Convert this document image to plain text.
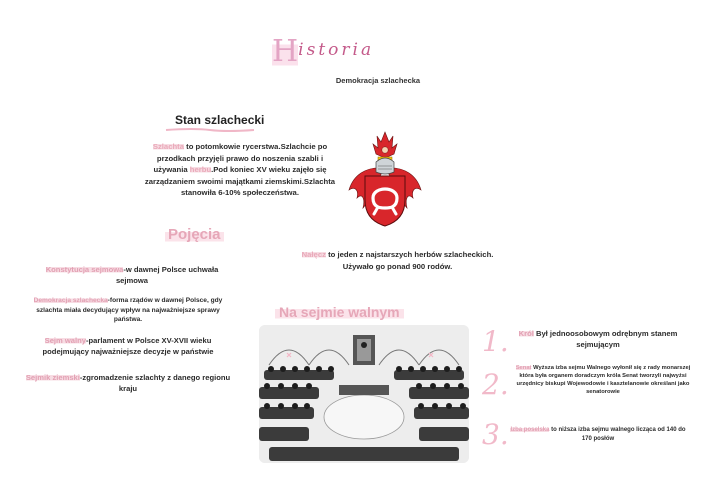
Historia
Demokracja szlachecka
Stan szlachecki
Szlachta to potomkowie rycerstwa.Szlachcie po przodkach przyjęli prawo do noszenia szabli i używania herbu.Pod koniec XV wieku zajęło się zarządzaniem swoimi majątkami ziemskimi.Szlachta stanowiła 6-10% społeczeństwa.
Nałęcz to jeden z najstarszych herbów szlacheckich. Używało go ponad 900 rodów.
Pojęcia
Konstytucja sejmowa-w dawnej Polsce uchwała sejmowa
Demokracja szlachecka-forma rządów w dawnej Polsce, gdy szlachta miała decydujący wpływ na najważniejsze sprawy państwa.
Sejm walny-parlament w Polsce XV-XVII wieku podejmujący najważniejsze decyzje w państwie
Sejmik ziemski-zgromadzenie szlachty z danego regionu kraju
Na sejmie walnym
1.
2.
3.
Król Był jednoosobowym odrębnym stanem sejmującym
Senat Wyższa izba sejmu Walnego wyłonił się z rady monarszej która była organem doradczym króla Senat tworzyli najwyżsi urzędnicy biskupi Wojewodowie i kasztelanowie określani jako senatorowie
Izba poselska to niższa izba sejmu walnego licząca od 140 do 170 posłów
